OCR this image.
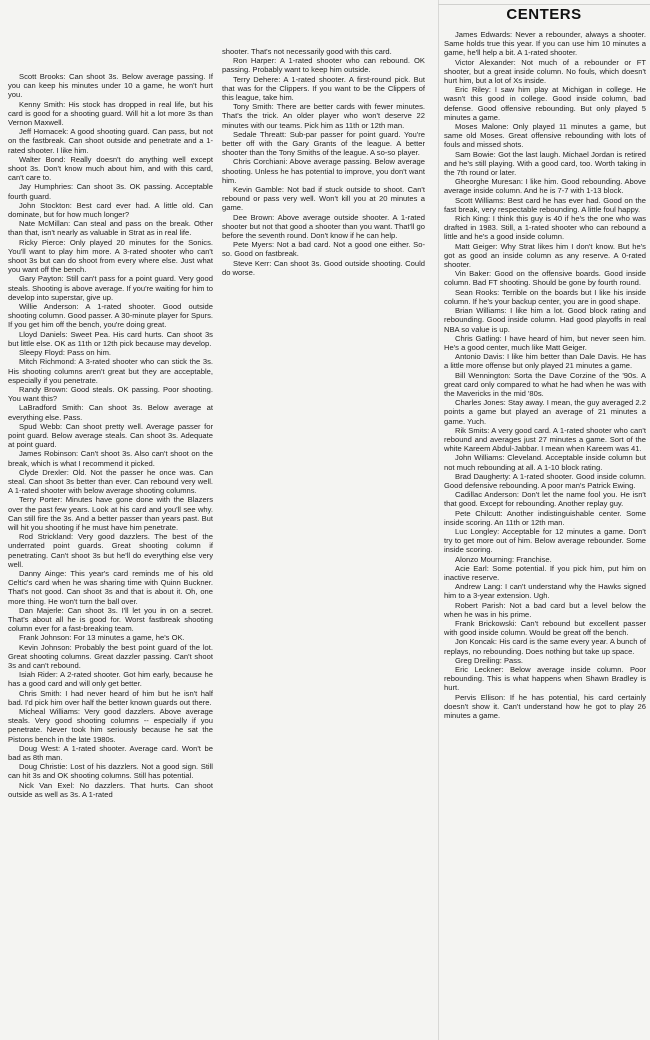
CENTERS

Scott Brooks: Can shoot 3s. Below average passing. If you can keep his minutes under 10 a game, he won't hurt you.

Kenny Smith: His stock has dropped in real life, but his card is good for a shooting guard. Will hit a lot more 3s than Vernon Maxwell.

Jeff Hornacek: A good shooting guard. Can pass, but not on the fastbreak. Can shoot outside and penetrate and a 1-rated shooter. I like him.

Walter Bond: Really doesn't do anything well except shoot 3s. Don't know much about him, and with this card, can't care to.

Jay Humphries: Can shoot 3s. OK passing. Acceptable fourth guard.

John Stockton: Best card ever had. A little old. Can dominate, but for how much longer?

Nate McMillan: Can steal and pass on the break. Other than that, isn't nearly as valuable in Strat as in real life.

Ricky Pierce: Only played 20 minutes for the Sonics. You'll want to play him more. A 3-rated shooter who can't shoot 3s but can do shoot from every where else. Just what you want off the bench.

Gary Payton: Still can't pass for a point guard. Very good steals. Shooting is above average. If you're waiting for him to develop into superstar, give up.

Willie Anderson: A 1-rated shooter. Good outside shooting column. Good passer. A 30-minute player for Spurs. If you get him off the bench, you're doing great.

Lloyd Daniels: Sweet Pea. His card hurts. Can shoot 3s but little else. OK as 11th or 12th pick because may develop.

Sleepy Floyd: Pass on him.

Mitch Richmond: A 3-rated shooter who can stick the 3s. His shooting columns aren't great but they are acceptable, especially if you penetrate.

Randy Brown: Good steals. OK passing. Poor shooting. You want this?

LaBradford Smith: Can shoot 3s. Below average at everything else. Pass.

Spud Webb: Can shoot pretty well. Average passer for point guard. Below average steals. Can shoot 3s. Adequate at point guard.

James Robinson: Can't shoot 3s. Also can't shoot on the break, which is what I recommend it picked.

Clyde Drexler: Old. Not the passer he once was. Can steal. Can shoot 3s better than ever. Can rebound very well. A 1-rated shooter with below average shooting columns.

Terry Porter: Minutes have gone done with the Blazers over the past few years. Look at his card and you'll see why. Can still fire the 3s. And a better passer than years past. But will hit you shooting if he must have him penetrate.

Rod Strickland: Very good dazzlers. The best of the underrated point guards. Great shooting column if penetrating. Can't shoot 3s but he'll do everything else very well.

Danny Ainge: This year's card reminds me of his old Celtic's card when he was sharing time with Quinn Buckner. That's not good. Can shoot 3s and that is about it. Oh, one more thing. He won't turn the ball over.

Dan Majerle: Can shoot 3s. I'll let you in on a secret. That's about all he is good for. Worst fastbreak shooting column ever for a fast-breaking team.

Frank Johnson: For 13 minutes a game, he's OK.

Kevin Johnson: Probably the best point guard of the lot. Great shooting columns. Great dazzler passing. Can't shoot 3s and can't rebound.

Isiah Rider: A 2-rated shooter. Got him early, because he has a good card and will only get better.

Chris Smith: I had never heard of him but he isn't half bad. I'd pick him over half the better known guards out there.

Micheal Williams: Very good dazzlers. Above average steals. Very good shooting columns -- especially if you penetrate. Never took him seriously because he sat the Pistons bench in the late 1980s.

Doug West: A 1-rated shooter. Average card. Won't be bad as 8th man.

Doug Christie: Lost of his dazzlers. Not a good sign. Still can hit 3s and OK shooting columns. Still has potential.

Nick Van Exel: No dazzlers. That hurts. Can shoot outside as well as 3s. A 1-rated

shooter. That's not necessarily good with this card.

Ron Harper: A 1-rated shooter who can rebound. OK passing. Probably want to keep him outside.

Terry Dehere: A 1-rated shooter. A first-round pick. But that was for the Clippers. If you want to be the Clippers of this league, take him.

Tony Smith: There are better cards with fewer minutes. That's the trick. An older player who won't deserve 22 minutes with our teams. Pick him as 11th or 12th man.

Sedale Threatt: Sub-par passer for point guard. You're better off with the Gary Grants of the league. A better shooter than the Tony Smiths of the league. A so-so player.

Chris Corchiani: Above average passing. Below average shooting. Unless he has potential to improve, you don't want him.

Kevin Gamble: Not bad if stuck outside to shoot. Can't rebound or pass very well. Won't kill you at 20 minutes a game.

Dee Brown: Above average outside shooter. A 1-rated shooter but not that good a shooter than you want. That'll go before the seventh round. Don't know if he can help.

Pete Myers: Not a bad card. Not a good one either. So-so. Good on fastbreak.

Steve Kerr: Can shoot 3s. Good outside shooting. Could do worse.

James Edwards: Never a rebounder, always a shooter. Same holds true this year. If you can use him 10 minutes a game, he'll help a bit. A 1-rated shooter.

Victor Alexander: Not much of a rebounder or FT shooter, but a great inside column. No fouls, which doesn't hurt him, but a lot of Xs inside.

Eric Riley: I saw him play at Michigan in college. He wasn't this good in college. Good inside column, bad defense. Good offensive rebounding. But only played 5 minutes a game.

Moses Malone: Only played 11 minutes a game, but same old Moses. Great offensive rebounding with lots of fouls and missed shots.

Sam Bowie: Got the last laugh. Michael Jordan is retired and he's still playing. With a good card, too. Worth taking in the 7th round or later.

Gheorghe Muresan: I like him. Good rebounding. Above average inside column. And he is 7-7 with 1-13 block.

Scott Williams: Best card he has ever had. Good on the fast break, very respectable rebounding. A little foul happy.

Rich King: I think this guy is 40 if he's the one who was drafted in 1983. Still, a 1-rated shooter who can rebound a little and he's a good inside column.

Matt Geiger: Why Strat likes him I don't know. But he's got as good an inside column as any reserve. A 0-rated shooter.

Vin Baker: Good on the offensive boards. Good inside column. Bad FT shooting. Should be gone by fourth round.

Sean Rooks: Terrible on the boards but I like his inside column. If he's your backup center, you are in good shape.

Brian Williams: I like him a lot. Good block rating and rebounding. Good inside column. Had good playoffs in real NBA so value is up.

Chris Gatling: I have heard of him, but never seen him. He's a good center, much like Matt Geiger.

Antonio Davis: I like him better than Dale Davis. He has a little more offense but only played 21 minutes a game.

Bill Wennington: Sorta the Dave Corzine of the '90s. A great card only compared to what he had when he was with the Mavericks in the mid '80s.

Charles Jones: Stay away. I mean, the guy averaged 2.2 points a game but played an average of 21 minutes a game. Yuch.

Rik Smits: A very good card. A 1-rated shooter who can't rebound and averages just 27 minutes a game. Sort of the white Kareem Abdul-Jabbar. I mean when Kareem was 41.

John Williams: Cleveland. Acceptable inside column but not much rebounding at all. A 1-10 block rating.

Brad Daugherty: A 1-rated shooter. Good inside column. Good defensive rebounding. A poor man's Patrick Ewing.

Cadillac Anderson: Don't let the name fool you. He isn't that good. Except for rebounding. Another replay guy.

Pete Chilcutt: Another indistinguishable center. Some inside scoring. An 11th or 12th man.

Luc Longley: Acceptable for 12 minutes a game. Don't try to get more out of him. Below average rebounder. Some inside scoring.

Alonzo Mourning: Franchise.

Acie Earl: Some potential. If you pick him, put him on inactive reserve.

Andrew Lang: I can't understand why the Hawks signed him to a 3-year extension. Ugh.

Robert Parish: Not a bad card but a level below the when he was in his prime.

Frank Brickowski: Can't rebound but excellent passer with good inside column. Would be great off the bench.

Jon Koncak: His card is the same every year. A bunch of replays, no rebounding. Does nothing but take up space.

Greg Dreiling: Pass.

Eric Leckner: Below average inside column. Poor rebounding. This is what happens when Shawn Bradley is hurt.

Pervis Ellison: If he has potential, his card certainly doesn't show it. Can't understand how he got to play 26 minutes a game.
